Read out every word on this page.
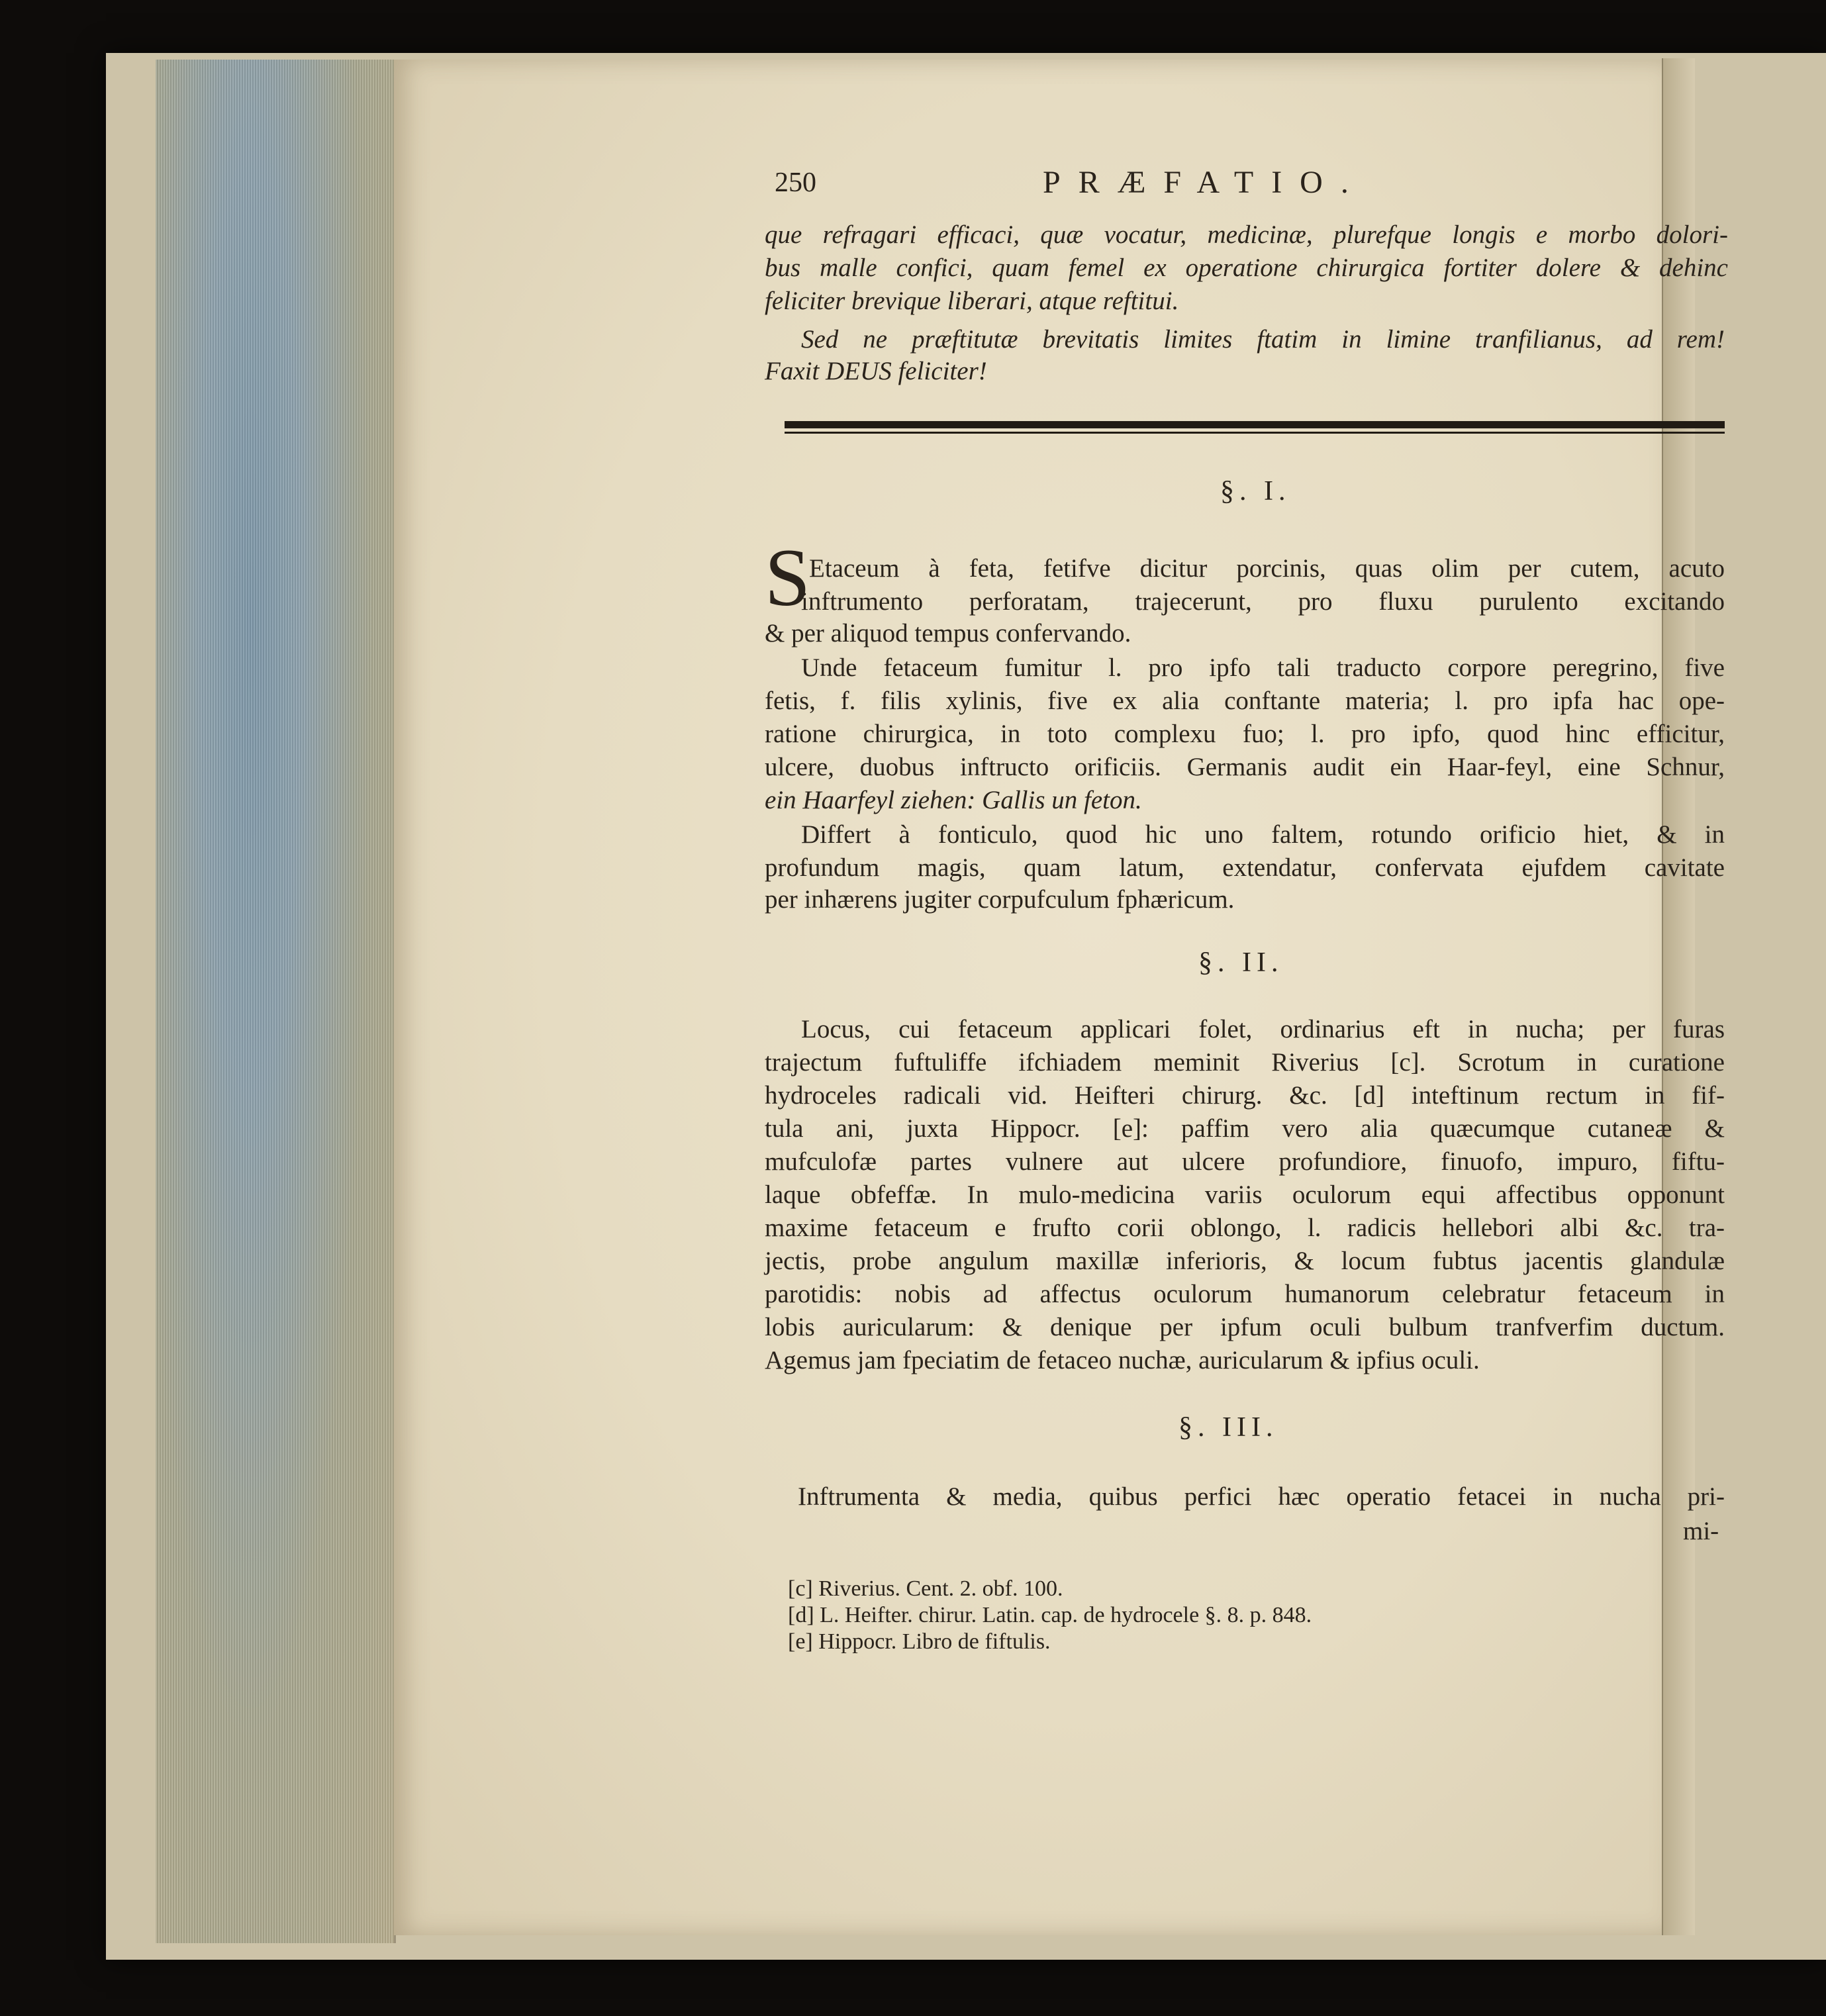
250	PRÆFATIO.
que refragari efficaci, quæ vocatur, medicinæ, plurefque longis e morbo dolori-
bus malle confici, quam femel ex operatione chirurgica fortiter dolere & dehinc
feliciter brevique liberari, atque reftitui.
Sed ne præftitutæ brevitatis limites ftatim in limine tranfilianus, ad rem!
Faxit DEUS feliciter!
§. I.
S
Etaceum à feta, fetifve dicitur porcinis, quas olim per cutem, acuto
inftrumento perforatam, trajecerunt, pro fluxu purulento excitando
& per aliquod tempus confervando.
Unde fetaceum fumitur l. pro ipfo tali traducto corpore peregrino, five
fetis, f. filis xylinis, five ex alia conftante materia; l. pro ipfa hac ope-
ratione chirurgica, in toto complexu fuo; l. pro ipfo, quod hinc efficitur,
ulcere, duobus inftructo orificiis. Germanis audit ein Haar-feyl, eine Schnur,
ein Haarfeyl ziehen: Gallis un feton.
Differt à fonticulo, quod hic uno faltem, rotundo orificio hiet, & in
profundum magis, quam latum, extendatur, confervata ejufdem cavitate
per inhærens jugiter corpufculum fphæricum.
§. II.
Locus, cui fetaceum applicari folet, ordinarius eft in nucha; per furas
trajectum fuftuliffe ifchiadem meminit Riverius [c]. Scrotum in curatione
hydroceles radicali vid. Heifteri chirurg. &c. [d] inteftinum rectum in fif-
tula ani, juxta Hippocr. [e]: paffim vero alia quæcumque cutaneæ &
mufculofæ partes vulnere aut ulcere profundiore, finuofo, impuro, fiftu-
laque obfeffæ. In mulo-medicina variis oculorum equi affectibus opponunt
maxime fetaceum e frufto corii oblongo, l. radicis hellebori albi &c. tra-
jectis, probe angulum maxillæ inferioris, & locum fubtus jacentis glandulæ
parotidis: nobis ad affectus oculorum humanorum celebratur fetaceum in
lobis auricularum: & denique per ipfum oculi bulbum tranfverfim ductum.
Agemus jam fpeciatim de fetaceo nuchæ, auricularum & ipfius oculi.
§. III.
Inftrumenta & media, quibus perfici hæc operatio fetacei in nucha pri-
mi-
[c] Riverius. Cent. 2. obf. 100.
[d] L. Heifter. chirur. Latin. cap. de hydrocele §. 8. p. 848.
[e] Hippocr. Libro de fiftulis.
